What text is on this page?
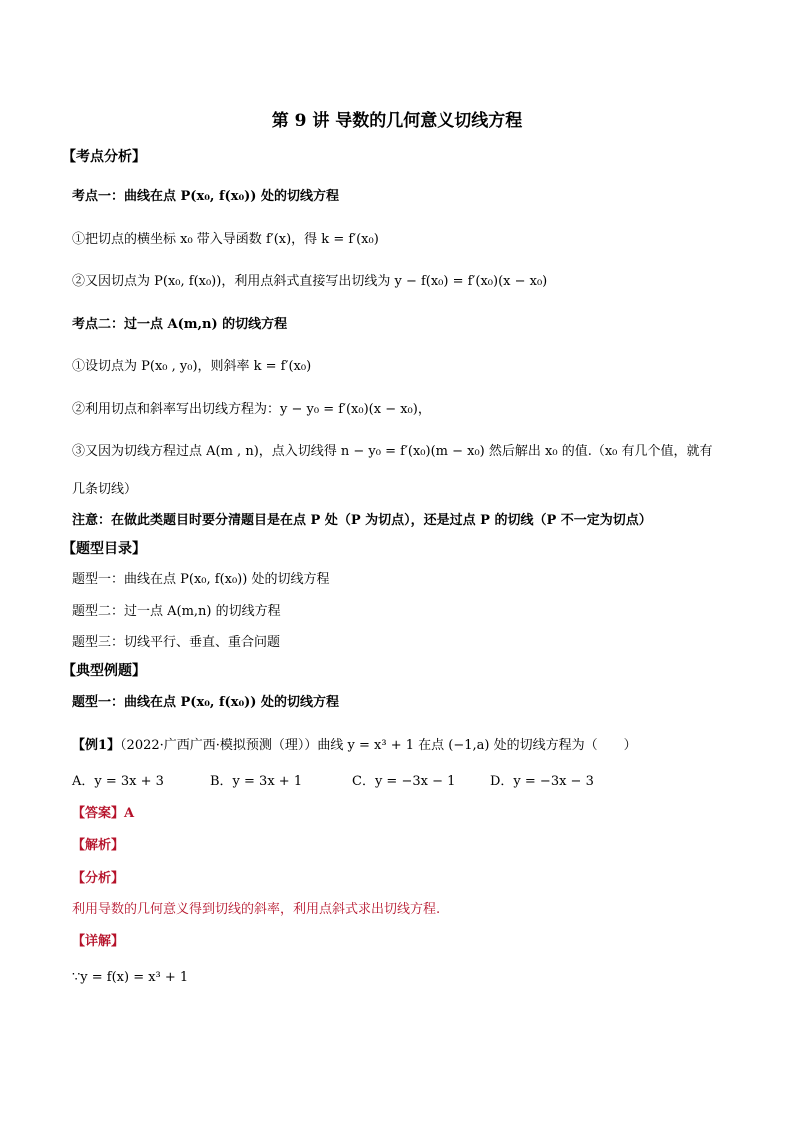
第 9 讲 导数的几何意义切线方程
【考点分析】
考点一：曲线在点 P(x₀, f(x₀)) 处的切线方程
①把切点的横坐标 x₀ 带入导函数 f′(x)，得 k = f′(x₀)
②又因切点为 P(x₀, f(x₀))，利用点斜式直接写出切线为 y − f(x₀) = f′(x₀)(x − x₀)
考点二：过一点 A(m,n) 的切线方程
①设切点为 P(x₀ , y₀)，则斜率 k = f′(x₀)
②利用切点和斜率写出切线方程为：y − y₀ = f′(x₀)(x − x₀)，
③又因为切线方程过点 A(m , n)，点入切线得 n − y₀ = f′(x₀)(m − x₀) 然后解出 x₀ 的值.（x₀ 有几个值，就有
几条切线）
注意：在做此类题目时要分清题目是在点 P 处（P 为切点），还是过点 P 的切线（P 不一定为切点）
【题型目录】
题型一：曲线在点 P(x₀, f(x₀)) 处的切线方程
题型二：过一点 A(m,n) 的切线方程
题型三：切线平行、垂直、重合问题
【典型例题】
题型一：曲线在点 P(x₀, f(x₀)) 处的切线方程
【例1】（2022·广西广西·模拟预测（理））曲线 y = x³ + 1 在点 (−1,a) 处的切线方程为（　　）
A．y = 3x + 3	B．y = 3x + 1	C．y = −3x − 1	D．y = −3x − 3
【答案】A
【解析】
【分析】
利用导数的几何意义得到切线的斜率，利用点斜式求出切线方程.
【详解】
∵y = f(x) = x³ + 1
